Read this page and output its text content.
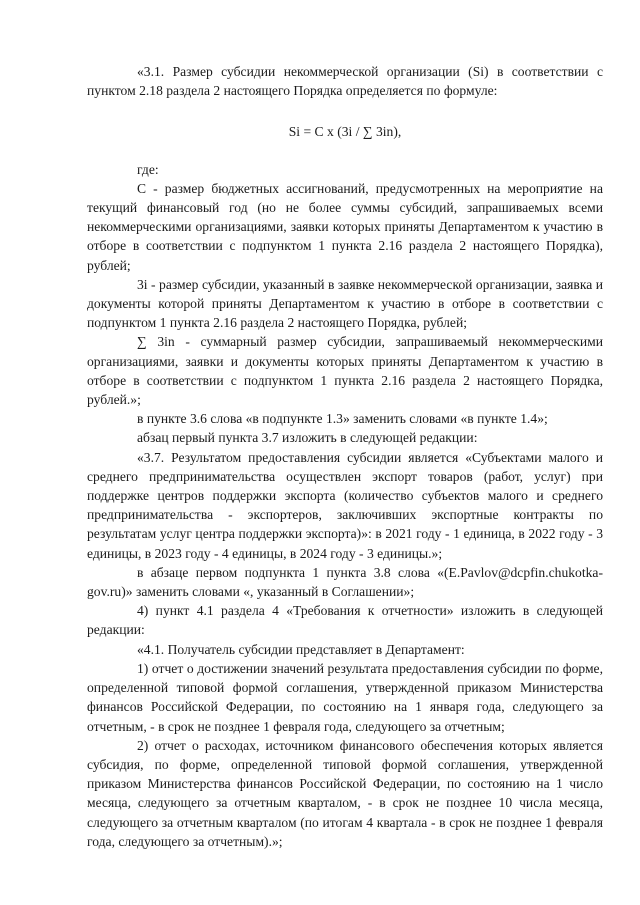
«3.1. Размер субсидии некоммерческой организации (Si) в соответствии с пунктом 2.18 раздела 2 настоящего Порядка определяется по формуле:

Si = C x (3i / ∑ 3in),

где:

C - размер бюджетных ассигнований, предусмотренных на мероприятие на текущий финансовый год (но не более суммы субсидий, запрашиваемых всеми некоммерческими организациями, заявки которых приняты Департаментом к участию в отборе в соответствии с подпунктом 1 пункта 2.16 раздела 2 настоящего Порядка), рублей;

3i - размер субсидии, указанный в заявке некоммерческой организации, заявка и документы которой приняты Департаментом к участию в отборе в соответствии с подпунктом 1 пункта 2.16 раздела 2 настоящего Порядка, рублей;

∑ 3in - суммарный размер субсидии, запрашиваемый некоммерческими организациями, заявки и документы которых приняты Департаментом к участию в отборе в соответствии с подпунктом 1 пункта 2.16 раздела 2 настоящего Порядка, рублей.»;

в пункте 3.6 слова «в подпункте 1.3» заменить словами «в пункте 1.4»;

абзац первый пункта 3.7 изложить в следующей редакции:

«3.7. Результатом предоставления субсидии является «Субъектами малого и среднего предпринимательства осуществлен экспорт товаров (работ, услуг) при поддержке центров поддержки экспорта (количество субъектов малого и среднего предпринимательства - экспортеров, заключивших экспортные контракты по результатам услуг центра поддержки экспорта)»: в 2021 году - 1 единица, в 2022 году - 3 единицы, в 2023 году - 4 единицы, в 2024 году - 3 единицы.»;

в абзаце первом подпункта 1 пункта 3.8 слова «(E.Pavlov@dcpfin.chukotka-gov.ru)» заменить словами «, указанный в Соглашении»;

4) пункт 4.1 раздела 4 «Требования к отчетности» изложить в следующей редакции:

«4.1. Получатель субсидии представляет в Департамент:

1) отчет о достижении значений результата предоставления субсидии по форме, определенной типовой формой соглашения, утвержденной приказом Министерства финансов Российской Федерации, по состоянию на 1 января года, следующего за отчетным, - в срок не позднее 1 февраля года, следующего за отчетным;

2) отчет о расходах, источником финансового обеспечения которых является субсидия, по форме, определенной типовой формой соглашения, утвержденной приказом Министерства финансов Российской Федерации, по состоянию на 1 число месяца, следующего за отчетным кварталом, - в срок не позднее 10 числа месяца, следующего за отчетным кварталом (по итогам 4 квартала - в срок не позднее 1 февраля года, следующего за отчетным).»;
